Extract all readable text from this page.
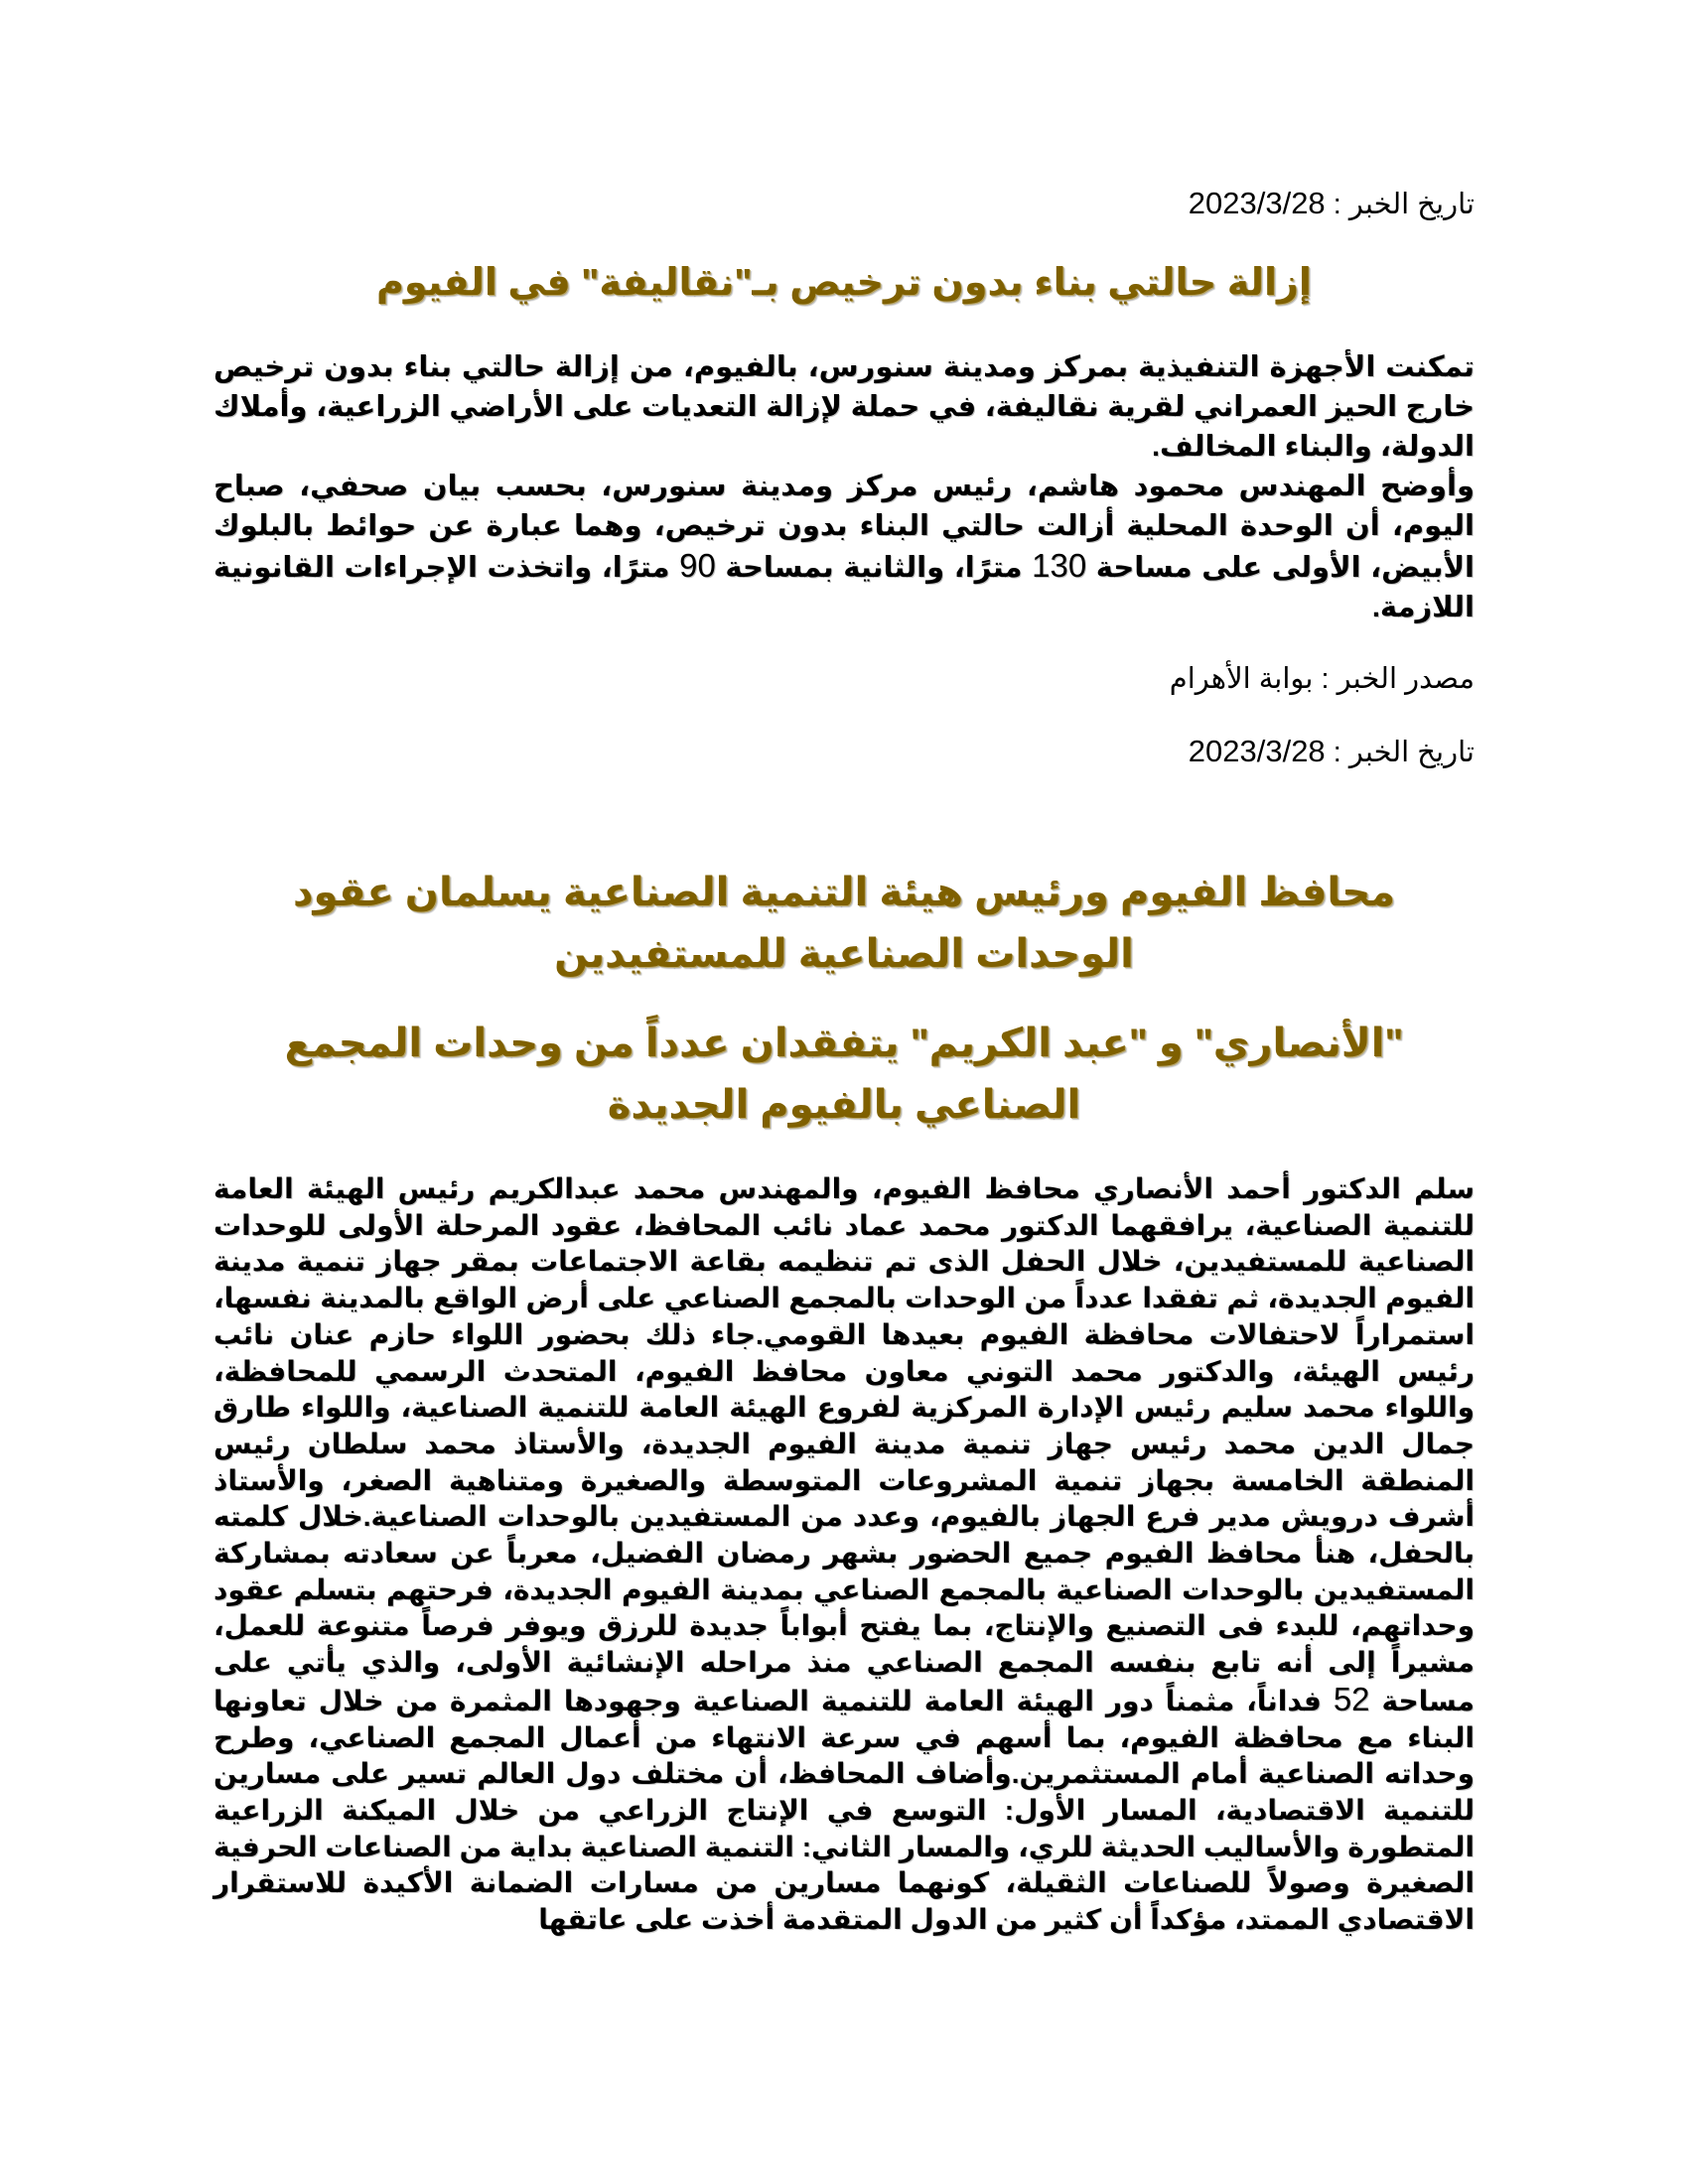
تاريخ الخبر : 2023/3/28

إزالة حالتي بناء بدون ترخيص بـ"نقاليفة" في الفيوم

تمكنت الأجهزة التنفيذية بمركز ومدينة سنورس، بالفيوم، من إزالة حالتي بناء بدون ترخيص خارج الحيز العمراني لقرية نقاليفة، في حملة لإزالة التعديات على الأراضي الزراعية، وأملاك الدولة، والبناء المخالف.

وأوضح المهندس محمود هاشم، رئيس مركز ومدينة سنورس، بحسب بيان صحفي، صباح اليوم، أن الوحدة المحلية أزالت حالتي البناء بدون ترخيص، وهما عبارة عن حوائط بالبلوك الأبيض، الأولى على مساحة 130 مترًا، والثانية بمساحة 90 مترًا، واتخذت الإجراءات القانونية اللازمة.

مصدر الخبر : بوابة الأهرام

تاريخ الخبر : 2023/3/28

محافظ الفيوم ورئيس هيئة التنمية الصناعية يسلمان عقود الوحدات الصناعية للمستفيدين
"الأنصاري" و "عبد الكريم" يتفقدان عدداً من وحدات المجمع الصناعي بالفيوم الجديدة

سلم الدكتور أحمد الأنصاري محافظ الفيوم، والمهندس محمد عبدالكريم رئيس الهيئة العامة للتنمية الصناعية، يرافقهما الدكتور محمد عماد نائب المحافظ، عقود المرحلة الأولى للوحدات الصناعية للمستفيدين، خلال الحفل الذى تم تنظيمه بقاعة الاجتماعات بمقر جهاز تنمية مدينة الفيوم الجديدة، ثم تفقدا عدداً من الوحدات بالمجمع الصناعي على أرض الواقع بالمدينة نفسها، استمراراً لاحتفالات محافظة الفيوم بعيدها القومي.جاء ذلك بحضور اللواء حازم عنان نائب رئيس الهيئة، والدكتور محمد التوني معاون محافظ الفيوم، المتحدث الرسمي للمحافظة، واللواء محمد سليم رئيس الإدارة المركزية لفروع الهيئة العامة للتنمية الصناعية، واللواء طارق جمال الدين محمد رئيس جهاز تنمية مدينة الفيوم الجديدة، والأستاذ محمد سلطان رئيس المنطقة الخامسة بجهاز تنمية المشروعات المتوسطة والصغيرة ومتناهية الصغر، والأستاذ أشرف درويش مدير فرع الجهاز بالفيوم، وعدد من المستفيدين بالوحدات الصناعية.خلال كلمته بالحفل، هنأ محافظ الفيوم جميع الحضور بشهر رمضان الفضيل، معرباً عن سعادته بمشاركة المستفيدين بالوحدات الصناعية بالمجمع الصناعي بمدينة الفيوم الجديدة، فرحتهم بتسلم عقود وحداتهم، للبدء فى التصنيع والإنتاج، بما يفتح أبواباً جديدة للرزق ويوفر فرصاً متنوعة للعمل، مشيراً إلى أنه تابع بنفسه المجمع الصناعي منذ مراحله الإنشائية الأولى، والذي يأتي على مساحة 52 فداناً، مثمناً دور الهيئة العامة للتنمية الصناعية وجهودها المثمرة من خلال تعاونها البناء مع محافظة الفيوم، بما أسهم في سرعة الانتهاء من أعمال المجمع الصناعي، وطرح وحداته الصناعية أمام المستثمرين.وأضاف المحافظ، أن مختلف دول العالم تسير على مسارين للتنمية الاقتصادية، المسار الأول: التوسع في الإنتاج الزراعي من خلال الميكنة الزراعية المتطورة والأساليب الحديثة للري، والمسار الثاني: التنمية الصناعية بداية من الصناعات الحرفية الصغيرة وصولاً للصناعات الثقيلة، كونهما مسارين من مسارات الضمانة الأكيدة للاستقرار الاقتصادي الممتد، مؤكداً أن كثير من الدول المتقدمة أخذت على عاتقها
